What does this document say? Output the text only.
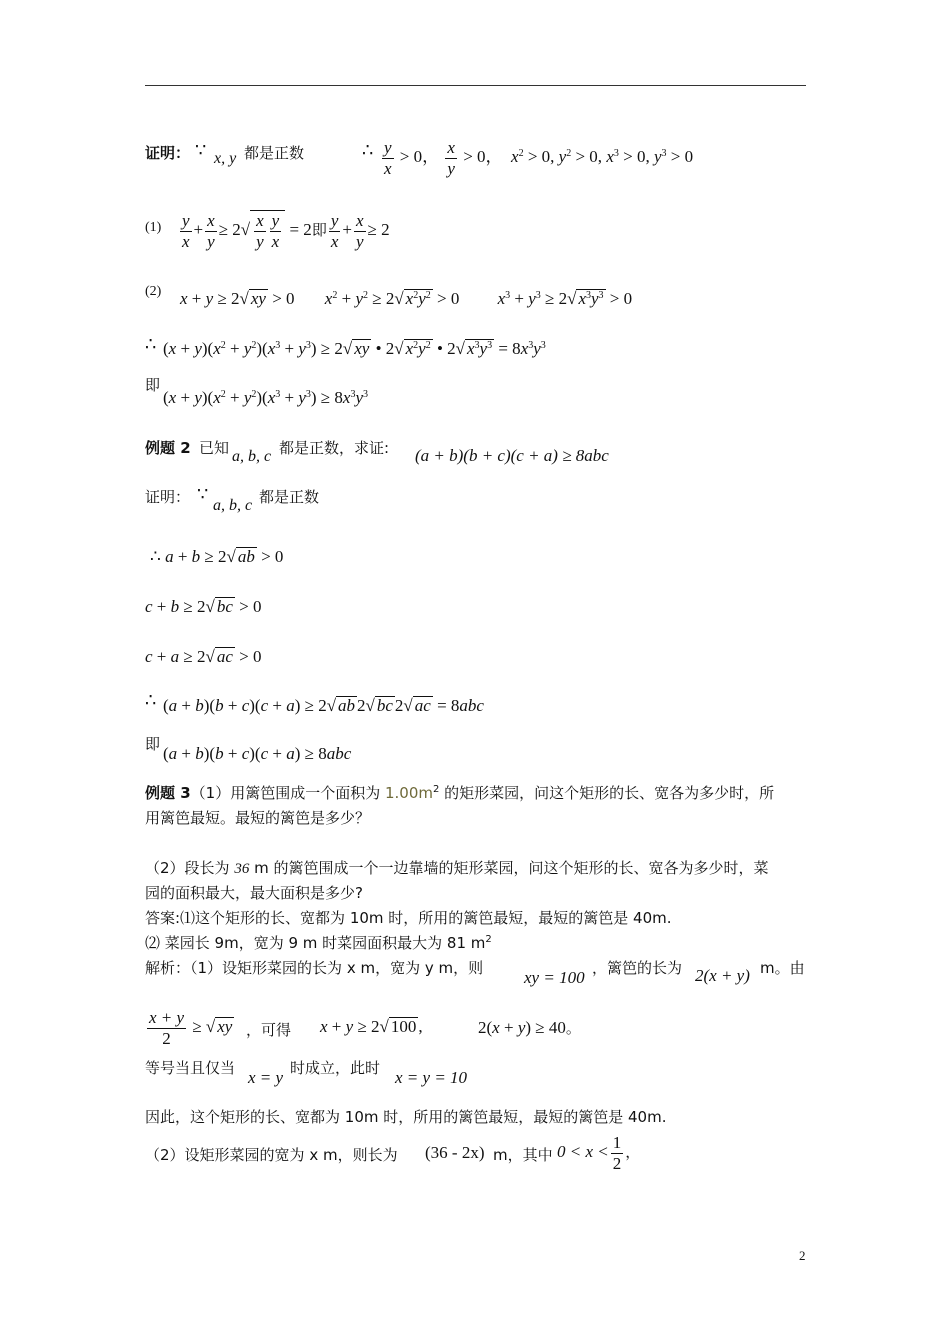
证明： ∵ x, y 都是正数	∴ $\frac{y}{x} > 0$， $\frac{x}{y} > 0$， $x^2 > 0$, $y^2 > 0$, $x^3 > 0$, $y^3 > 0$
$(1) \frac{y}{x} + \frac{x}{y} \ge 2√ \frac{x}{y} \frac{y}{x} = 2$即 $\frac{y}{x} + \frac{x}{y} \ge 2$
(2) x + y ≥ 2√ xy > 0 $x^2 + y^2 \ge 2√$ $x^2y^2 > 0$ $x^3 + y^3 \ge 2√$ $x^3y^3 > 0$
∴ $(x + y)(x^2 + y^2)(x^3 + y^3) \ge 2√$ xy • 2√ $x^2y^2$ • 2√ $x^3y^3 = 8x^3y^3$
即
$(x + y)(x^2 + y^2)(x^3 + y^3) \ge 8x^3y^3$
例题 2 已知 a, b, c 都是正数，求证: (a + b)(b + c)(c + a) ≥ 8abc
证明： ∵
a, b, c 都是正数
∴ a + b ≥ 2√ ab > 0
c + b ≥ 2√ bc > 0
c + a ≥ 2√ ac > 0
∴ (a + b)(b + c)(c + a) ≥ 2√ ab 2√ bc 2√ ac = 8abc
即 (a + b)(b + c)(c + a) ≥ 8abc
例题 3（1）用篱笆围成一个面积为 $1.00m^2$ 的矩形菜园，问这个矩形的长、宽各为多少时，所
用篱笆最短。最短的篱笆是多少？
（2）段长为 36 m 的篱笆围成一个一边靠墙的矩形菜园，问这个矩形的长、宽各为多少时，菜
园的面积最大，最大面积是多少?
答案:⑴这个矩形的长、宽都为 10m 时，所用的篱笆最短，最短的篱笆是 40m.
⑵ 菜园长 9m，宽为 9 m 时菜园面积最大为 81 $m^2$
解析：（1）设矩形菜园的长为 x m，宽为 y m，则 xy = 100 ，篱笆的长为 2(x + y) m。由
$\frac{x + y}{2}$ ≥ √ xy ，可得 x + y ≥ 2√ 100 ,	2(x + y) ≥ 40。
等号当且仅当 x = y 时成立，此时 x = y = 10
因此，这个矩形的长、宽都为 10m 时，所用的篱笆最短，最短的篱笆是 40m.
（2）设矩形菜园的宽为 x m，则长为 (36 - 2x) m，其中 $0 < x < \frac{1}{2}$ ，
2
